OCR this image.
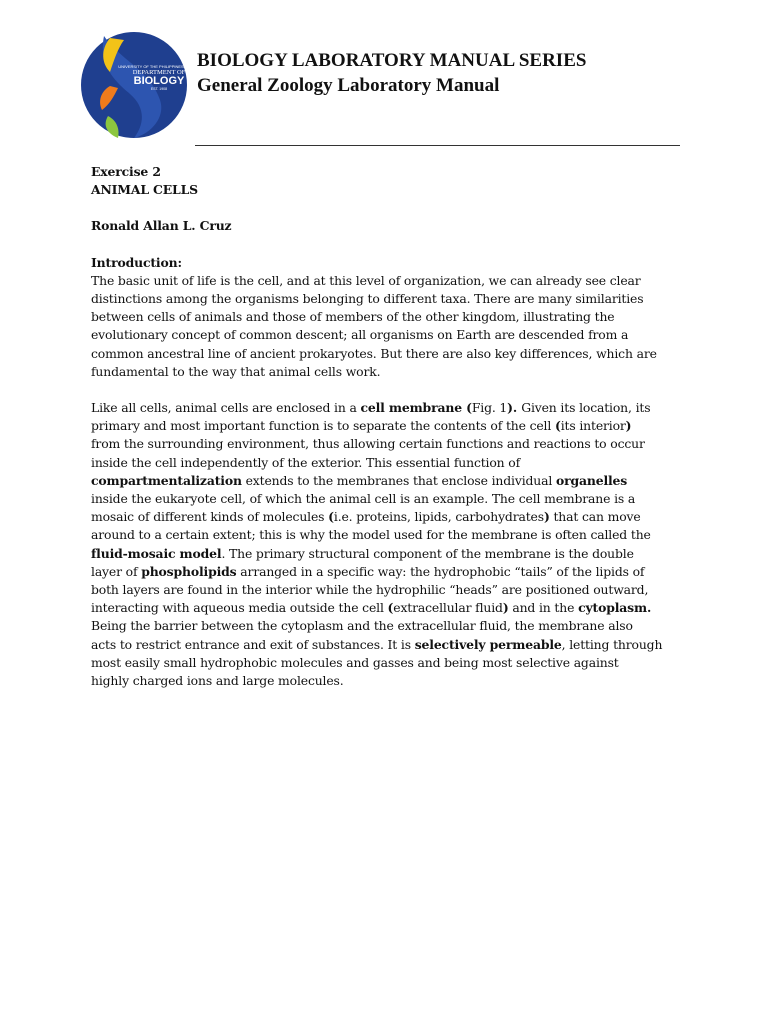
UNIVERSITY OF THE PHILIPPINES MANILA
DEPARTMENT OF
BIOLOGY
EST. 1908
BIOLOGY LABORATORY MANUAL SERIES
General Zoology Laboratory Manual
Exercise 2
ANIMAL CELLS
Ronald Allan L. Cruz
Introduction:

The basic unit of life is the cell, and at this level of organization, we can already see clear
distinctions among the organisms belonging to different taxa. There are many similarities
between cells of animals and those of members of the other kingdom, illustrating the
evolutionary concept of common descent; all organisms on Earth are descended from a
common ancestral line of ancient prokaryotes. But there are also key differences, which are
fundamental to the way that animal cells work.

Like all cells, animal cells are enclosed in a cell membrane (Fig. 1). Given its location, its
primary and most important function is to separate the contents of the cell (its interior)
from the surrounding environment, thus allowing certain functions and reactions to occur
inside the cell independently of the exterior. This essential function of
compartmentalization extends to the membranes that enclose individual organelles
inside the eukaryote cell, of which the animal cell is an example. The cell membrane is a
mosaic of different kinds of molecules (i.e. proteins, lipids, carbohydrates) that can move
around to a certain extent; this is why the model used for the membrane is often called the
fluid-mosaic model. The primary structural component of the membrane is the double
layer of phospholipids arranged in a specific way: the hydrophobic “tails” of the lipids of
both layers are found in the interior while the hydrophilic “heads” are positioned outward,
interacting with aqueous media outside the cell (extracellular fluid) and in the cytoplasm.
Being the barrier between the cytoplasm and the extracellular fluid, the membrane also
acts to restrict entrance and exit of substances. It is selectively permeable, letting through
most easily small hydrophobic molecules and gasses and being most selective against
highly charged ions and large molecules.
